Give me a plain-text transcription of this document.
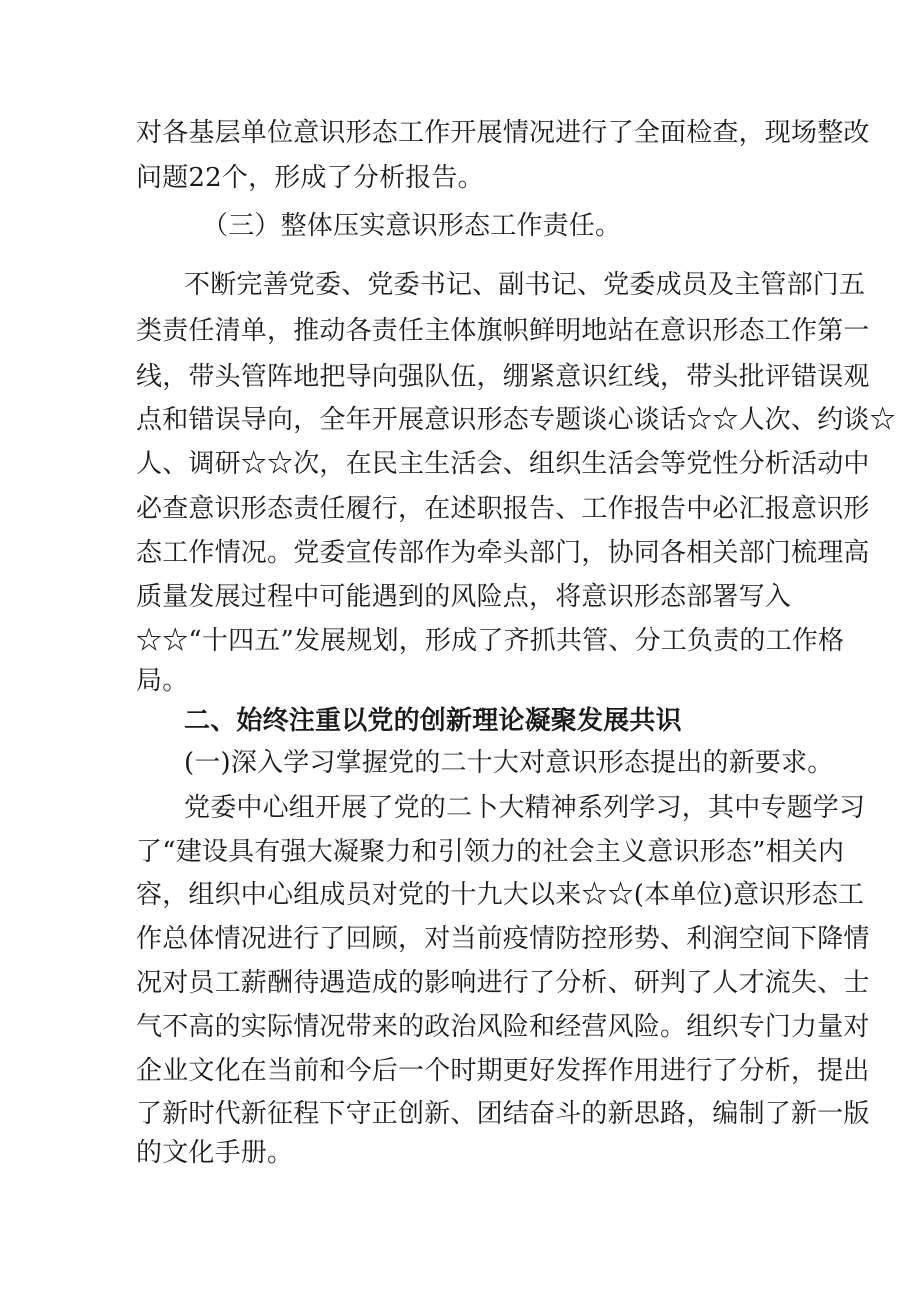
对各基层单位意识形态工作开展情况进行了全面检查，现场整改
问题22个，形成了分析报告。
（三）整体压实意识形态工作责任。
不断完善党委、党委书记、副书记、党委成员及主管部门五
类责任清单，推动各责任主体旗帜鲜明地站在意识形态工作第一
线，带头管阵地把导向强队伍，绷紧意识红线，带头批评错误观
点和错误导向，全年开展意识形态专题谈心谈话☆☆人次、约谈☆
人、调研☆☆次，在民主生活会、组织生活会等党性分析活动中
必查意识形态责任履行，在述职报告、工作报告中必汇报意识形
态工作情况。党委宣传部作为牵头部门，协同各相关部门梳理高
质量发展过程中可能遇到的风险点，将意识形态部署写入
☆☆“十四五”发展规划，形成了齐抓共管、分工负责的工作格
局。
二、始终注重以党的创新理论凝聚发展共识
(一)深入学习掌握党的二十大对意识形态提出的新要求。
党委中心组开展了党的二卜大精神系列学习，其中专题学习
了“建设具有强大凝聚力和引领力的社会主义意识形态”相关内
容，组织中心组成员对党的十九大以来☆☆(本单位)意识形态工
作总体情况进行了回顾，对当前疫情防控形势、利润空间下降情
况对员工薪酬待遇造成的影响进行了分析、研判了人才流失、士
气不高的实际情况带来的政治风险和经营风险。组织专门力量对
企业文化在当前和今后一个时期更好发挥作用进行了分析，提出
了新时代新征程下守正创新、团结奋斗的新思路，编制了新一版
的文化手册。
